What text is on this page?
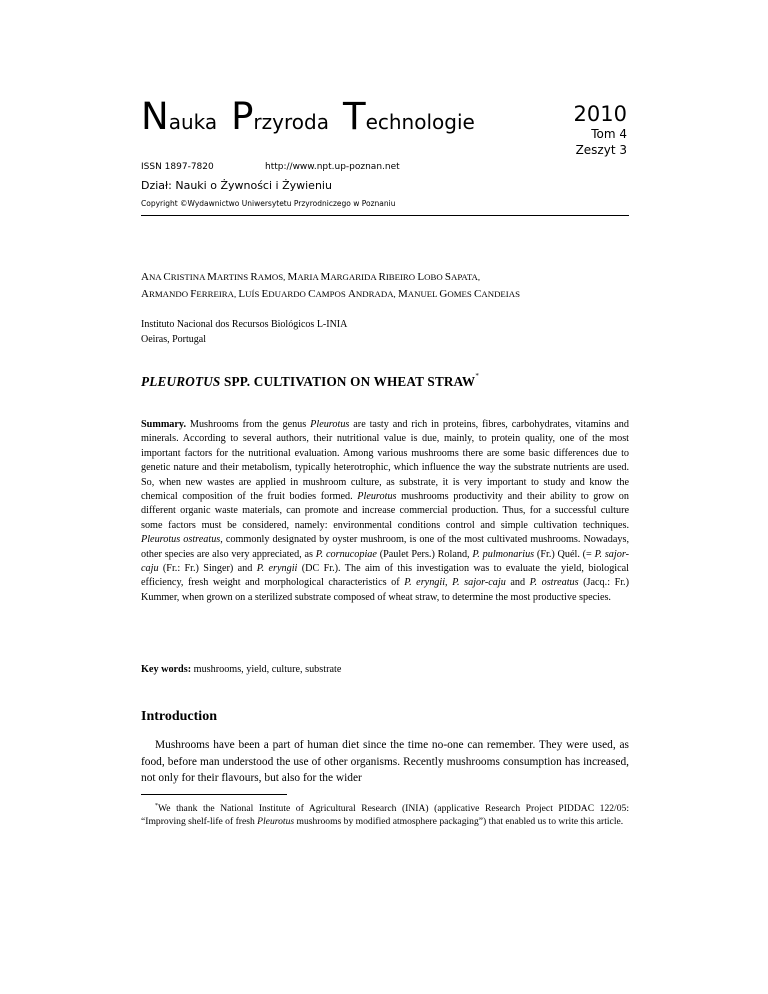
Nauka Przyroda Technologie
ISSN 1897-7820	http://www.npt.up-poznan.net
Dział: Nauki o Żywności i Żywieniu
Copyright ©Wydawnictwo Uniwersytetu Przyrodniczego w Poznaniu
2010
Tom 4
Zeszyt 3
ANA CRISTINA MARTINS RAMOS, MARIA MARGARIDA RIBEIRO LOBO SAPATA,
ARMANDO FERREIRA, LUÍS EDUARDO CAMPOS ANDRADA, MANUEL GOMES CANDEIAS
Instituto Nacional dos Recursos Biológicos L-INIA
Oeiras, Portugal
PLEUROTUS SPP. CULTIVATION ON WHEAT STRAW*
Summary. Mushrooms from the genus Pleurotus are tasty and rich in proteins, fibres, carbohydrates, vitamins and minerals. According to several authors, their nutritional value is due, mainly, to protein quality, one of the most important factors for the nutritional evaluation. Among various mushrooms there are some basic differences due to genetic nature and their metabolism, typically heterotrophic, which influence the way the substrate nutrients are used. So, when new wastes are applied in mushroom culture, as substrate, it is very important to study and know the chemical composition of the fruit bodies formed. Pleurotus mushrooms productivity and their ability to grow on different organic waste materials, can promote and increase commercial production. Thus, for a successful culture some factors must be considered, namely: environmental conditions control and simple cultivation techniques. Pleurotus ostreatus, commonly designated by oyster mushroom, is one of the most cultivated mushrooms. Nowadays, other species are also very appreciated, as P. cornucopiae (Paulet Pers.) Roland, P. pulmonarius (Fr.) Quél. (= P. sajor-caju (Fr.: Fr.) Singer) and P. eryngii (DC Fr.). The aim of this investigation was to evaluate the yield, biological efficiency, fresh weight and morphological characteristics of P. eryngii, P. sajor-caju and P. ostreatus (Jacq.: Fr.) Kummer, when grown on a sterilized substrate composed of wheat straw, to determine the most productive species.
Key words: mushrooms, yield, culture, substrate
Introduction

Mushrooms have been a part of human diet since the time no-one can remember. They were used, as food, before man understood the use of other organisms. Recently mushrooms consumption has increased, not only for their flavours, but also for the wider

*We thank the National Institute of Agricultural Research (INIA) (applicative Research Project PIDDAC 122/05: “Improving shelf-life of fresh Pleurotus mushrooms by modified atmosphere packaging”) that enabled us to write this article.
